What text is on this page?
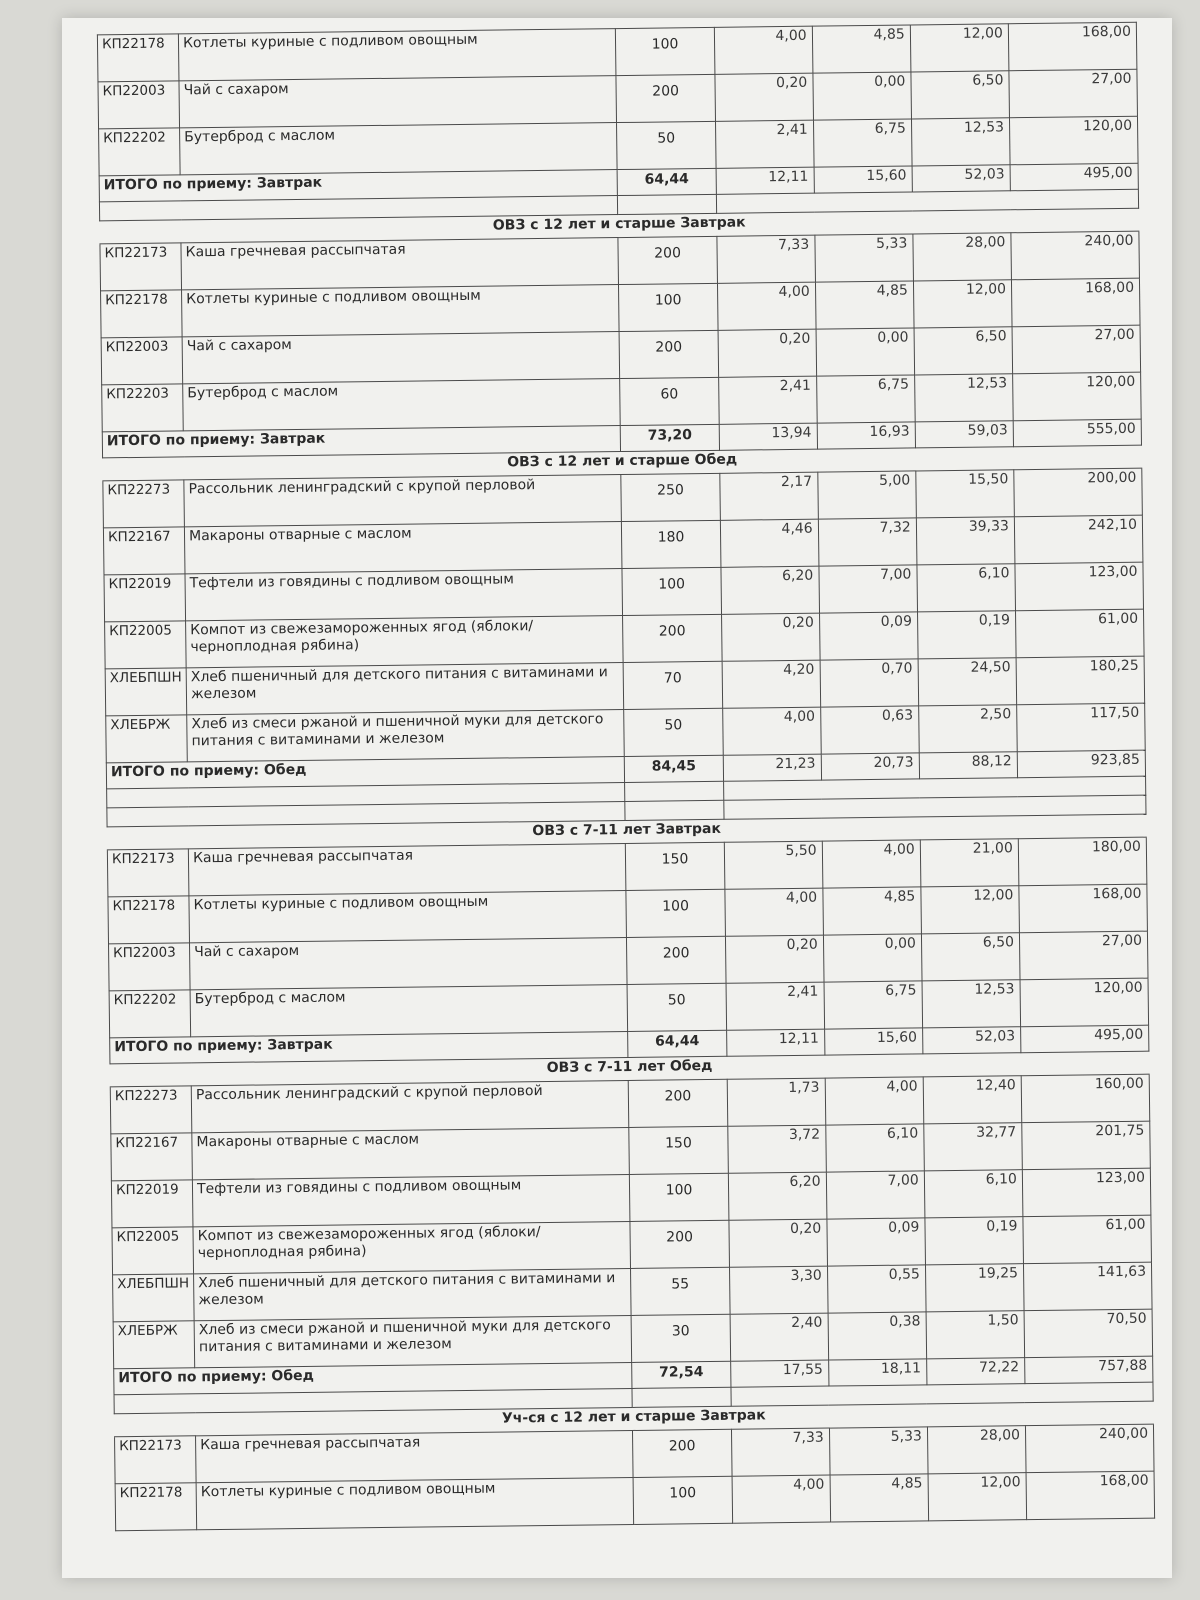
КП22178	Котлеты куриные с подливом овощным	100	4,00	4,85	12,00	168,00
КП22003	Чай с сахаром	200	0,20	0,00	6,50	27,00
КП22202	Бутерброд с маслом	50	2,41	6,75	12,53	120,00
ИТОГО по приему: Завтрак		64,44	12,11	15,60	52,03	495,00

ОВЗ с 12 лет и старше Завтрак						
КП22173	Каша гречневая рассыпчатая	200	7,33	5,33	28,00	240,00
КП22178	Котлеты куриные с подливом овощным	100	4,00	4,85	12,00	168,00
КП22003	Чай с сахаром	200	0,20	0,00	6,50	27,00
КП22203	Бутерброд с маслом	60	2,41	6,75	12,53	120,00
ИТОГО по приему: Завтрак		73,20	13,94	16,93	59,03	555,00
ОВЗ с 12 лет и старше Обед						
КП22273	Рассольник ленинградский с крупой перловой	250	2,17	5,00	15,50	200,00
КП22167	Макароны отварные с маслом	180	4,46	7,32	39,33	242,10
КП22019	Тефтели из говядины с подливом овощным	100	6,20	7,00	6,10	123,00
КП22005	Компот из свежезамороженных ягод (яблоки/черноплодная рябина)	200	0,20	0,09	0,19	61,00
ХЛЕБПШН	Хлеб пшеничный для детского питания с витаминами и железом	70	4,20	0,70	24,50	180,25
ХЛЕБРЖ	Хлеб из смеси ржаной и пшеничной муки для детского питания с витаминами и железом	50	4,00	0,63	2,50	117,50
ИТОГО по приему: Обед		84,45	21,23	20,73	88,12	923,85

ОВЗ с 7-11 лет Завтрак						
КП22173	Каша гречневая рассыпчатая	150	5,50	4,00	21,00	180,00
КП22178	Котлеты куриные с подливом овощным	100	4,00	4,85	12,00	168,00
КП22003	Чай с сахаром	200	0,20	0,00	6,50	27,00
КП22202	Бутерброд с маслом	50	2,41	6,75	12,53	120,00
ИТОГО по приему: Завтрак		64,44	12,11	15,60	52,03	495,00
ОВЗ с 7-11 лет Обед						
КП22273	Рассольник ленинградский с крупой перловой	200	1,73	4,00	12,40	160,00
КП22167	Макароны отварные с маслом	150	3,72	6,10	32,77	201,75
КП22019	Тефтели из говядины с подливом овощным	100	6,20	7,00	6,10	123,00
КП22005	Компот из свежезамороженных ягод (яблоки/черноплодная рябина)	200	0,20	0,09	0,19	61,00
ХЛЕБПШН	Хлеб пшеничный для детского питания с витаминами и железом	55	3,30	0,55	19,25	141,63
ХЛЕБРЖ	Хлеб из смеси ржаной и пшеничной муки для детского питания с витаминами и железом	30	2,40	0,38	1,50	70,50
ИТОГО по приему: Обед		72,54	17,55	18,11	72,22	757,88

Уч-ся с 12 лет и старше Завтрак						
КП22173	Каша гречневая рассыпчатая	200	7,33	5,33	28,00	240,00
КП22178	Котлеты куриные с подливом овощным	100	4,00	4,85	12,00	168,00
